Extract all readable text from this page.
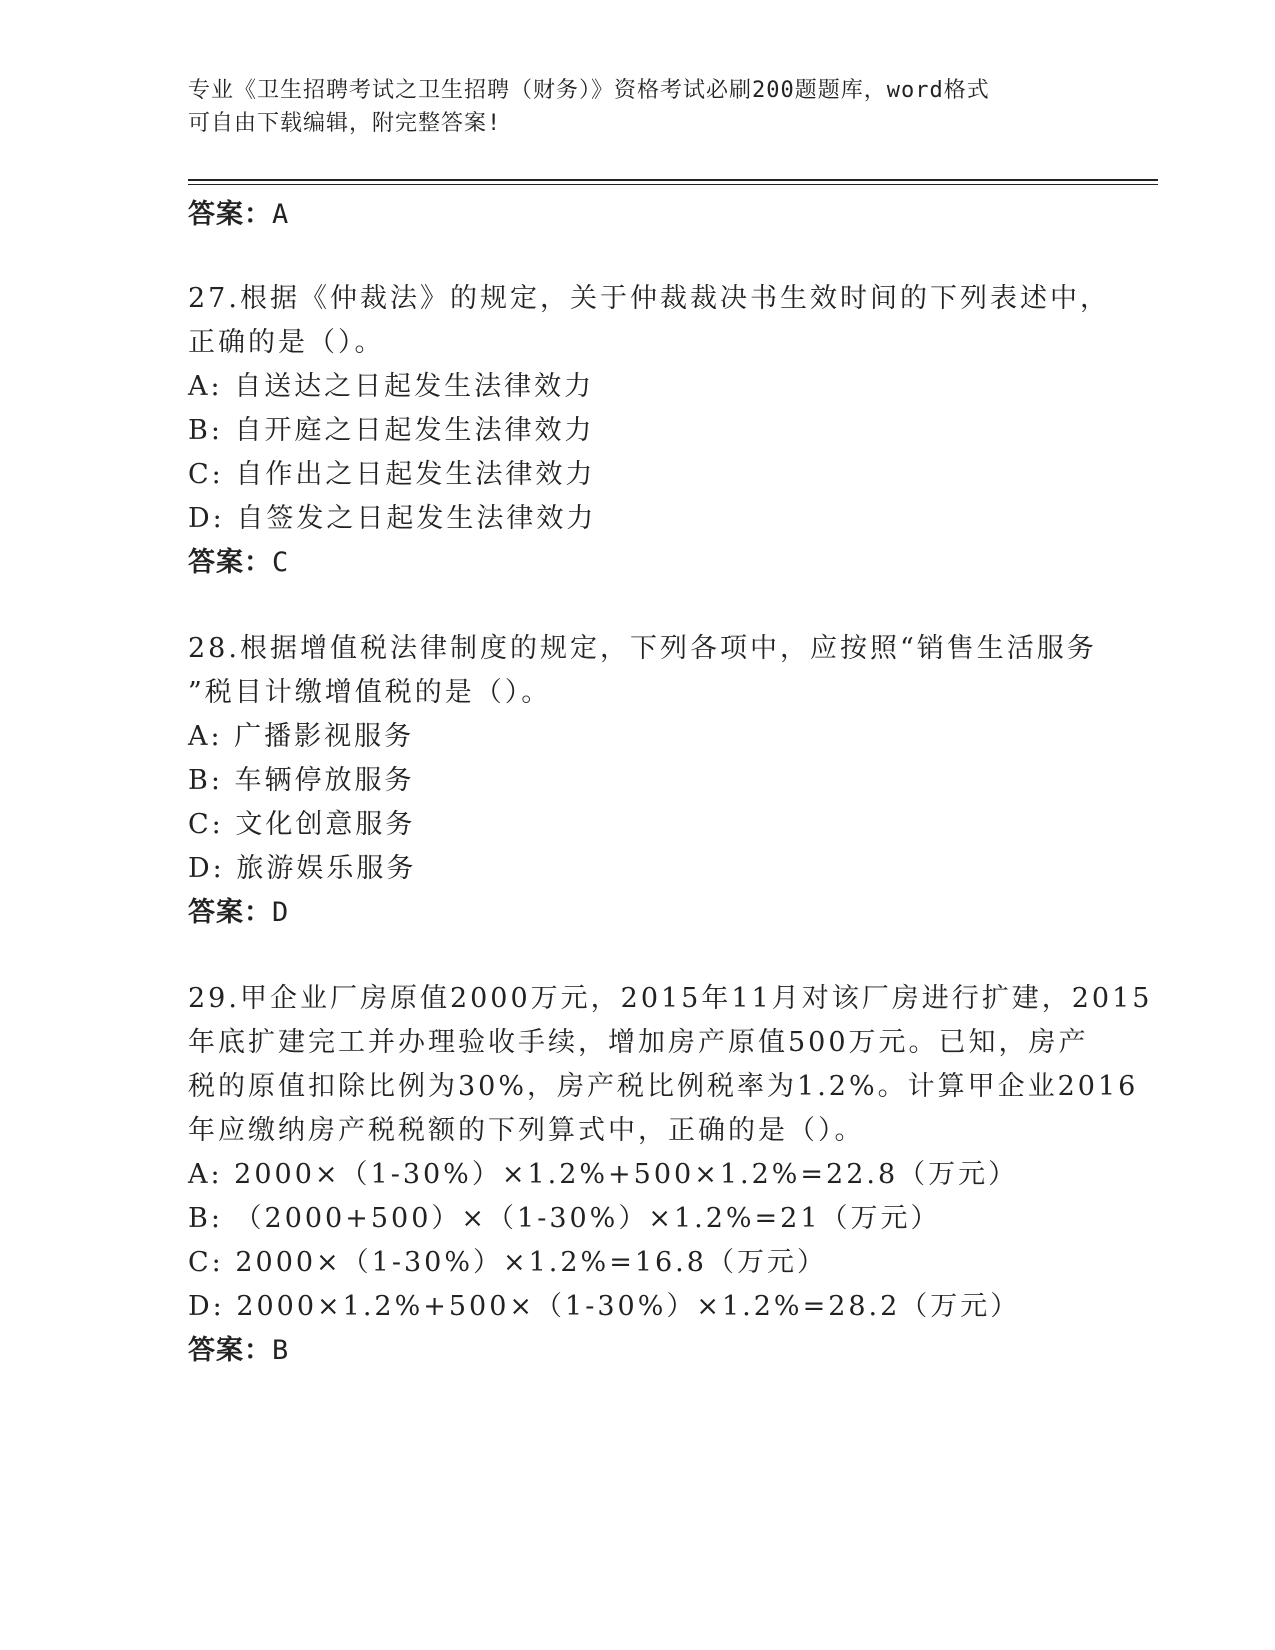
专业《卫生招聘考试之卫生招聘（财务）》资格考试必刷200题题库，word格式
可自由下载编辑，附完整答案!
答案：A
27.根据《仲裁法》的规定，关于仲裁裁决书生效时间的下列表述中，
正确的是（）。
A: 自送达之日起发生法律效力
B: 自开庭之日起发生法律效力
C: 自作出之日起发生法律效力
D: 自签发之日起发生法律效力
答案：C
28.根据增值税法律制度的规定，下列各项中，应按照“销售生活服务
”税目计缴增值税的是（）。
A: 广播影视服务
B: 车辆停放服务
C: 文化创意服务
D: 旅游娱乐服务
答案：D
29.甲企业厂房原值2000万元，2015年11月对该厂房进行扩建，2015
年底扩建完工并办理验收手续，增加房产原值500万元。已知，房产
税的原值扣除比例为30%，房产税比例税率为1.2%。计算甲企业2016
年应缴纳房产税税额的下列算式中，正确的是（）。
A: 2000×（1-30%）×1.2%+500×1.2%=22.8（万元）
B: （2000+500）×（1-30%）×1.2%=21（万元）
C: 2000×（1-30%）×1.2%=16.8（万元）
D: 2000×1.2%+500×（1-30%）×1.2%=28.2（万元）
答案：B
